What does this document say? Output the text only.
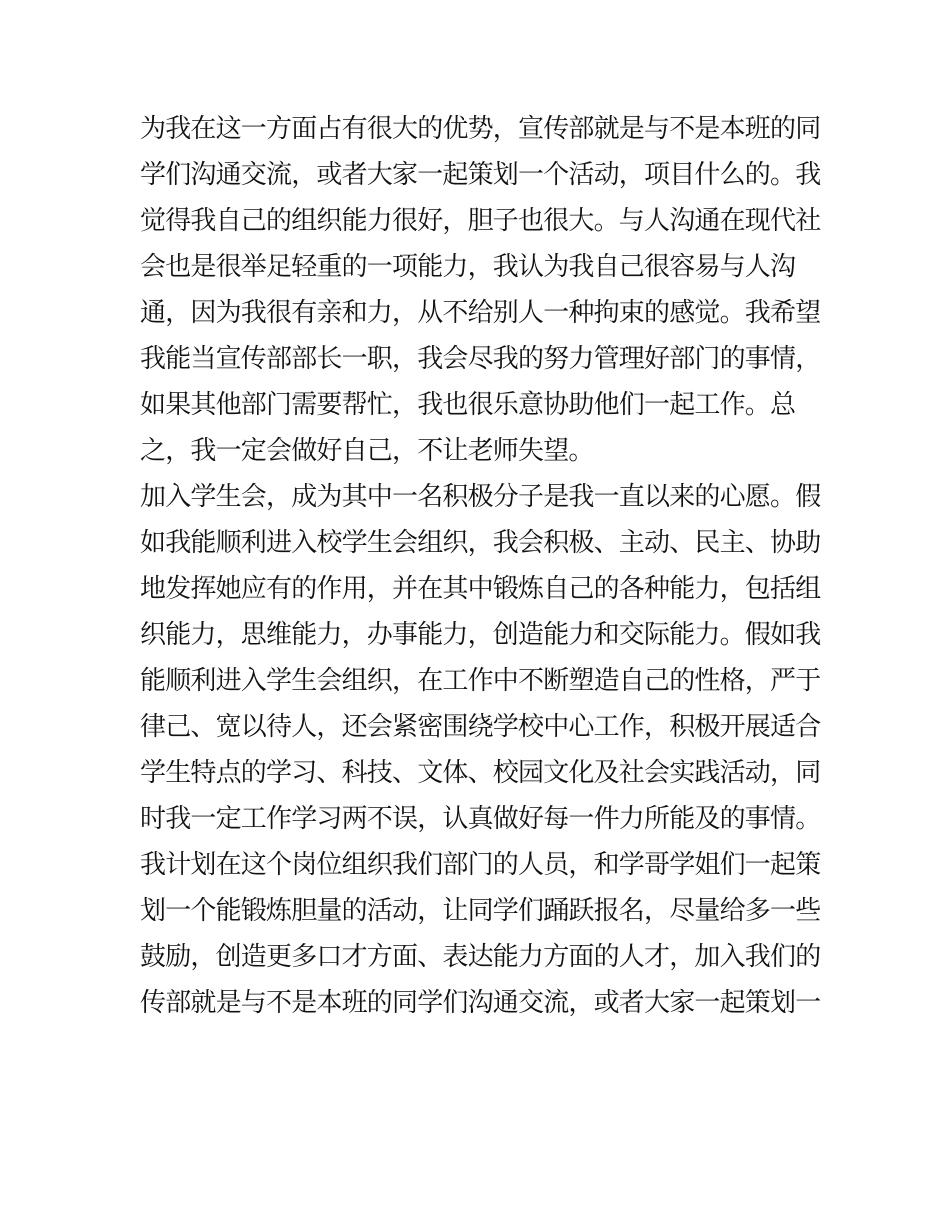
为我在这一方面占有很大的优势，宣传部就是与不是本班的同
学们沟通交流，或者大家一起策划一个活动，项目什么的。我
觉得我自己的组织能力很好，胆子也很大。与人沟通在现代社
会也是很举足轻重的一项能力，我认为我自己很容易与人沟
通，因为我很有亲和力，从不给别人一种拘束的感觉。我希望
我能当宣传部部长一职，我会尽我的努力管理好部门的事情，
如果其他部门需要帮忙，我也很乐意协助他们一起工作。总
之，我一定会做好自己，不让老师失望。
加入学生会，成为其中一名积极分子是我一直以来的心愿。假
如我能顺利进入校学生会组织，我会积极、主动、民主、协助
地发挥她应有的作用，并在其中锻炼自己的各种能力，包括组
织能力，思维能力，办事能力，创造能力和交际能力。假如我
能顺利进入学生会组织，在工作中不断塑造自己的性格，严于
律己、宽以待人，还会紧密围绕学校中心工作，积极开展适合
学生特点的学习、科技、文体、校园文化及社会实践活动，同
时我一定工作学习两不误，认真做好每一件力所能及的事情。
我计划在这个岗位组织我们部门的人员，和学哥学姐们一起策
划一个能锻炼胆量的活动，让同学们踊跃报名，尽量给多一些
鼓励，创造更多口才方面、表达能力方面的人才，加入我们的
传部就是与不是本班的同学们沟通交流，或者大家一起策划一
